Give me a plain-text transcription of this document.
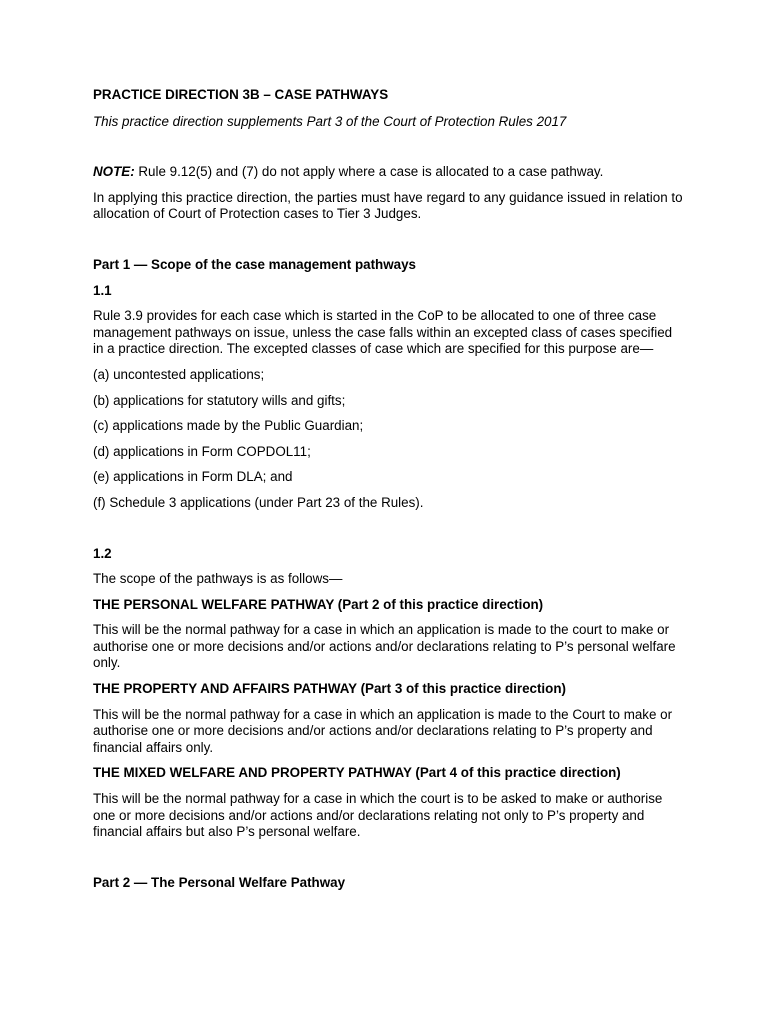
PRACTICE DIRECTION 3B – CASE PATHWAYS

This practice direction supplements Part 3 of the Court of Protection Rules 2017

NOTE: Rule 9.12(5) and (7) do not apply where a case is allocated to a case pathway.

In applying this practice direction, the parties must have regard to any guidance issued in relation to allocation of Court of Protection cases to Tier 3 Judges.

Part 1 — Scope of the case management pathways

1.1

Rule 3.9 provides for each case which is started in the CoP to be allocated to one of three case management pathways on issue, unless the case falls within an excepted class of cases specified in a practice direction. The excepted classes of case which are specified for this purpose are—

(a) uncontested applications;

(b) applications for statutory wills and gifts;

(c) applications made by the Public Guardian;

(d) applications in Form COPDOL11;

(e) applications in Form DLA; and

(f) Schedule 3 applications (under Part 23 of the Rules).

1.2

The scope of the pathways is as follows—

THE PERSONAL WELFARE PATHWAY (Part 2 of this practice direction)

This will be the normal pathway for a case in which an application is made to the court to make or authorise one or more decisions and/or actions and/or declarations relating to P’s personal welfare only.

THE PROPERTY AND AFFAIRS PATHWAY (Part 3 of this practice direction)

This will be the normal pathway for a case in which an application is made to the Court to make or authorise one or more decisions and/or actions and/or declarations relating to P’s property and financial affairs only.

THE MIXED WELFARE AND PROPERTY PATHWAY (Part 4 of this practice direction)

This will be the normal pathway for a case in which the court is to be asked to make or authorise one or more decisions and/or actions and/or declarations relating not only to P’s property and financial affairs but also P’s personal welfare.

Part 2 — The Personal Welfare Pathway
